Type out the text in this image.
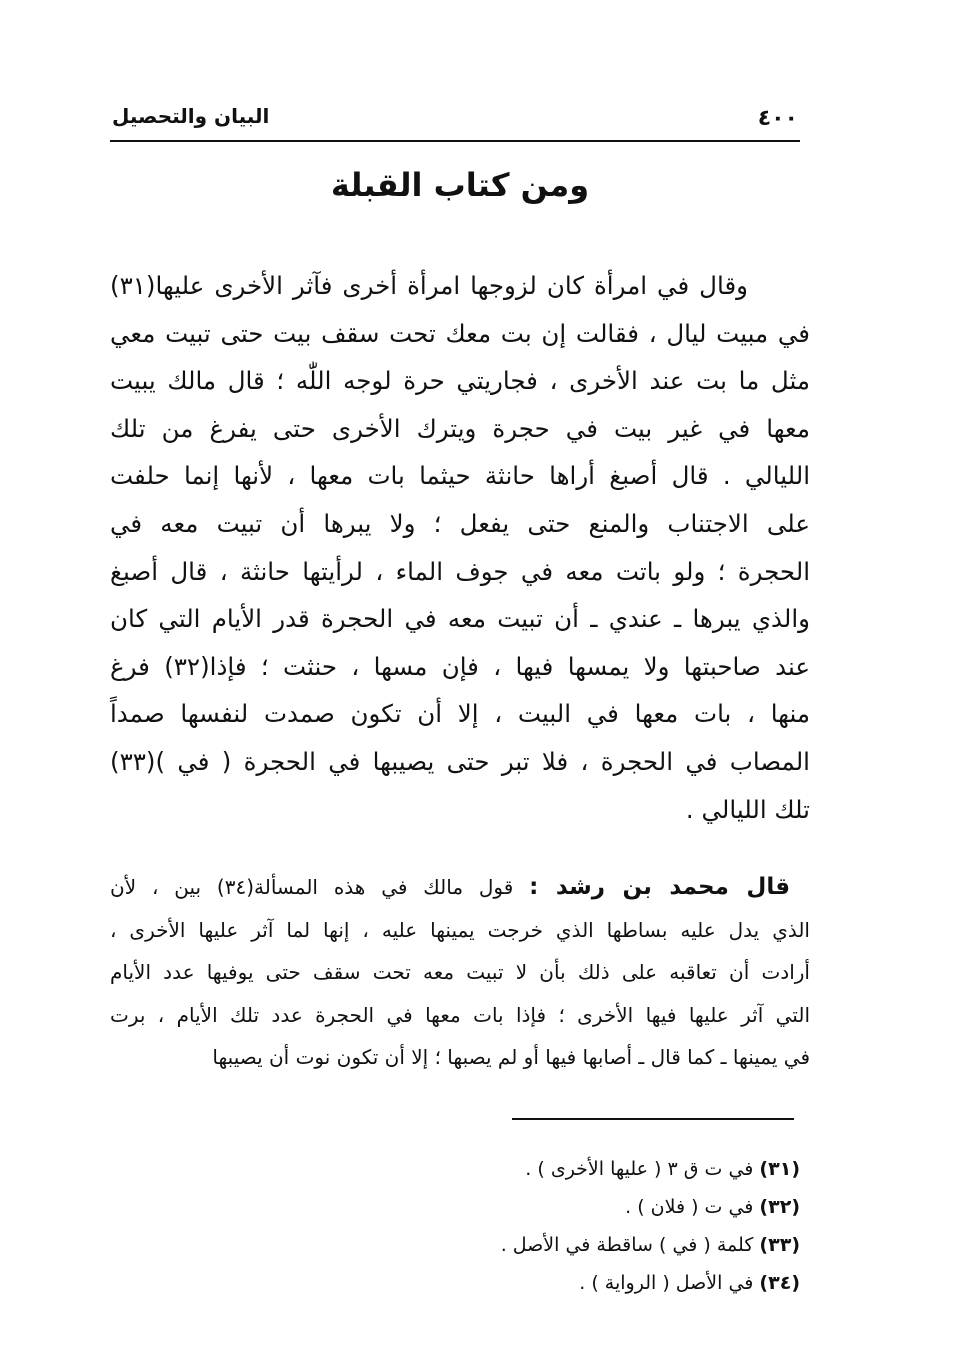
٤٠٠
البيان والتحصيل
ومن كتاب القبلة
وقال في امرأة كان لزوجها امرأة أخرى فآثر الأخرى عليها(٣١)
في مبيت ليال ، فقالت إن بت معك تحت سقف بيت حتى تبيت معي
مثل ما بت عند الأخرى ، فجاريتي حرة لوجه اللّٰه ؛ قال مالك يبيت
معها في غير بيت في حجرة ويترك الأخرى حتى يفرغ من تلك
الليالي . قال أصبغ أراها حانثة حيثما بات معها ، لأنها إنما حلفت
على الاجتناب والمنع حتى يفعل ؛ ولا يبرها أن تبيت معه في
الحجرة ؛ ولو باتت معه في جوف الماء ، لرأيتها حانثة ، قال أصبغ
والذي يبرها ـ عندي ـ أن تبيت معه في الحجرة قدر الأيام التي كان
عند صاحبتها ولا يمسها فيها ، فإن مسها ، حنثت ؛ فإذا(٣٢) فرغ
منها ، بات معها في البيت ، إلا أن تكون صمدت لنفسها صمداً
المصاب في الحجرة ، فلا تبر حتى يصيبها في الحجرة ( في )(٣٣)
تلك الليالي .
قال محمد بن رشد : قول مالك في هذه المسألة(٣٤) بين ، لأن
الذي يدل عليه بساطها الذي خرجت يمينها عليه ، إنها لما آثر عليها الأخرى ،
أرادت أن تعاقبه على ذلك بأن لا تبيت معه تحت سقف حتى يوفيها عدد الأيام
التي آثر عليها فيها الأخرى ؛ فإذا بات معها في الحجرة عدد تلك الأيام ، برت
في يمينها ـ كما قال ـ أصابها فيها أو لم يصبها ؛ إلا أن تكون نوت أن يصيبها
(٣١) في ت ق ٣ ( عليها الأخرى ) .
(٣٢) في ت ( فلان ) .
(٣٣) كلمة ( في ) ساقطة في الأصل .
(٣٤) في الأصل ( الرواية ) .
